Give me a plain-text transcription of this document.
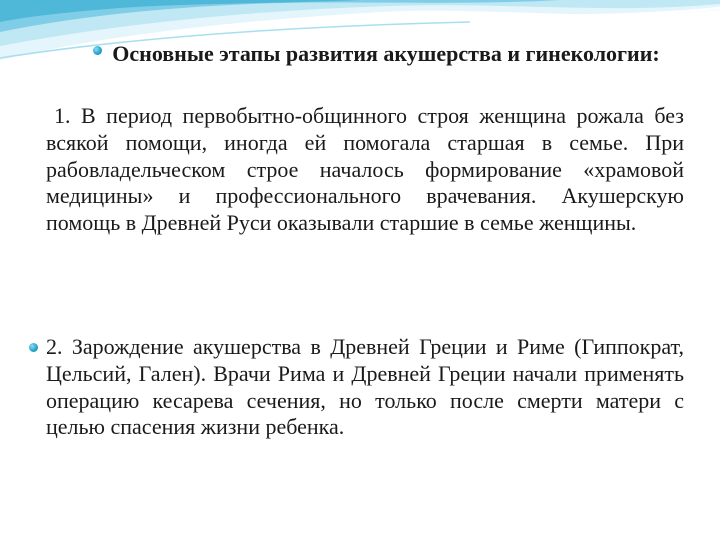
Основные этапы развития акушерства и гинекологии:
1. В период первобытно-общинного строя женщина рожала без всякой помощи, иногда ей помогала старшая в семье. При рабовладельческом строе началось формирование «храмовой медицины» и профессионального врачевания. Акушерскую помощь в Древней Руси оказывали старшие в семье женщины.
2. Зарождение акушерства в Древней Греции и Риме (Гиппократ, Цельсий, Гален). Врачи Рима и Древней Греции начали применять операцию кесарева сечения, но только после смерти матери с целью спасения жизни ребенка.
